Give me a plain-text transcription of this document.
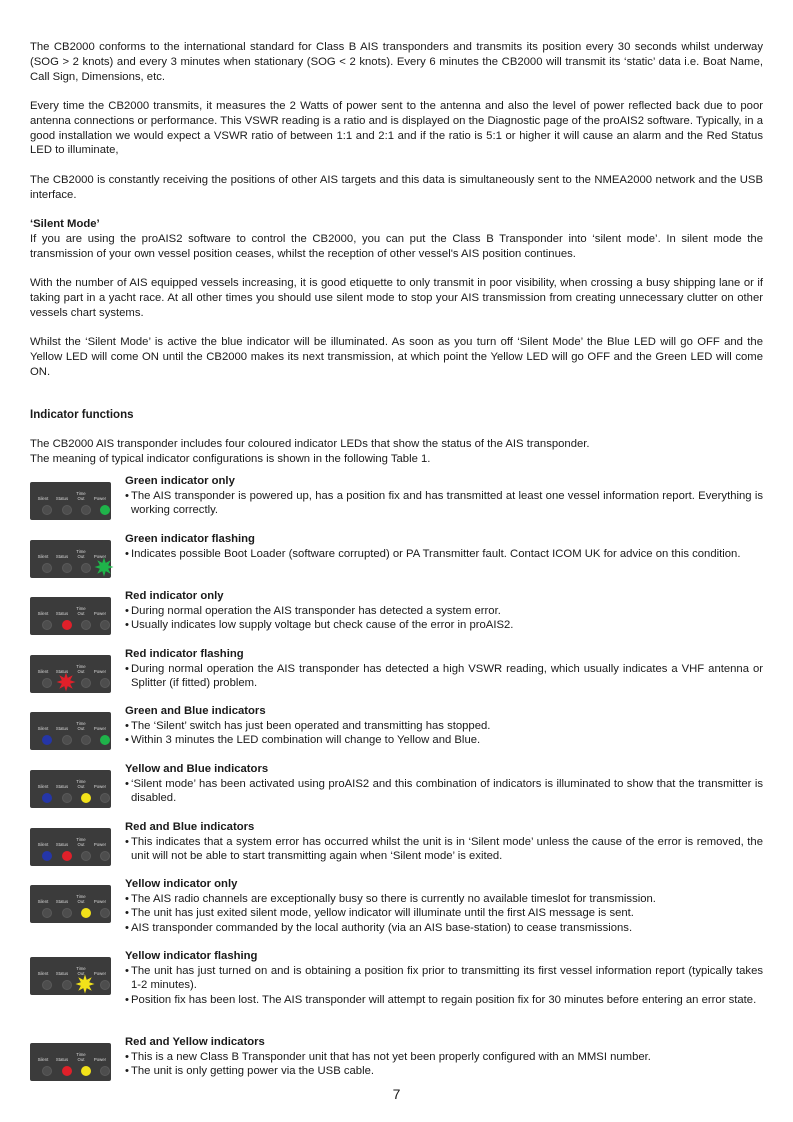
The CB2000 conforms to the international standard for Class B AIS transponders and transmits its position every 30 seconds whilst underway (SOG > 2 knots) and every 3 minutes when stationary (SOG < 2 knots). Every 6 minutes the CB2000 will transmit its ‘static’ data i.e. Boat Name, Call Sign, Dimensions, etc.

Every time the CB2000 transmits, it measures the 2 Watts of power sent to the antenna and also the level of power reflected back due to poor antenna connections or performance. This VSWR reading is a ratio and is displayed on the Diagnostic page of the proAIS2 software. Typically, in a good installation we would expect a VSWR ratio of between 1:1 and 2:1 and if the ratio is 5:1 or higher it will cause an alarm and the Red Status LED to illuminate,

The CB2000 is constantly receiving the positions of other AIS targets and this data is simultaneously sent to the NMEA2000 network and the USB interface.

‘Silent Mode’

If you are using the proAIS2 software to control the CB2000, you can put the Class B Transponder into ‘silent mode’. In silent mode the transmission of your own vessel position ceases, whilst the reception of other vessel's AIS position continues.

With the number of AIS equipped vessels increasing, it is good etiquette to only transmit in poor visibility, when crossing a busy shipping lane or if taking part in a yacht race. At all other times you should use silent mode to stop your AIS transmission from creating unnecessary clutter on other vessels chart systems.

Whilst the ‘Silent Mode’ is active the blue indicator will be illuminated. As soon as you turn off ‘Silent Mode’ the Blue LED will go OFF and the Yellow LED will come ON until the CB2000 makes its next transmission, at which point the Yellow LED will go OFF and the Green LED will come ON.

Indicator functions

The CB2000 AIS transponder includes four coloured indicator LEDs that show the status of the AIS transponder.

The meaning of typical indicator configurations is shown in the following Table 1.

Silent	Status
Time
Out	Power
Green indicator only
• The AIS transponder is powered up, has a position fix and has transmitted at least one vessel information report. Everything is working correctly.
Silent	Status
Time
Out	Power
Green indicator flashing
• Indicates possible Boot Loader (software corrupted) or PA Transmitter fault. Contact ICOM UK for advice on this condition.
Silent	Status
Time
Out	Power
Red indicator only
• During normal operation the AIS transponder has detected a system error.
• Usually indicates low supply voltage but check cause of the error in proAIS2.
Silent	Status
Time
Out	Power
Red indicator flashing
• During normal operation the AIS transponder has detected a high VSWR reading, which usually indicates a VHF antenna or Splitter (if fitted) problem.
Silent	Status
Time
Out	Power
Green and Blue indicators
• The ‘Silent’ switch has just been operated and transmitting has stopped.
• Within 3 minutes the LED combination will change to Yellow and Blue.
Silent	Status
Time
Out	Power
Yellow and Blue indicators
• ‘Silent mode’ has been activated using proAIS2 and this combination of indicators is illuminated to show that the transmitter is disabled.
Silent	Status
Time
Out	Power
Red and Blue indicators
• This indicates that a system error has occurred whilst the unit is in ‘Silent mode’ unless the cause of the error is removed, the unit will not be able to start transmitting again when ‘Silent mode’ is exited.
Silent	Status
Time
Out	Power
Yellow indicator only
• The AIS radio channels are exceptionally busy so there is currently no available timeslot for transmission.
• The unit has just exited silent mode, yellow indicator will illuminate until the first AIS message is sent.
• AIS transponder commanded by the local authority (via an AIS base-station) to cease transmissions.
Silent	Status
Time
Out	Power
Yellow indicator flashing
• The unit has just turned on and is obtaining a position fix prior to transmitting its first vessel information report (typically takes 1-2 minutes).
• Position fix has been lost. The AIS transponder will attempt to regain position fix for 30 minutes before entering an error state.
Silent	Status
Time
Out	Power
Red and Yellow indicators
• This is a new Class B Transponder unit that has not yet been properly configured with an MMSI number.
• The unit is only getting power via the USB cable.
7
